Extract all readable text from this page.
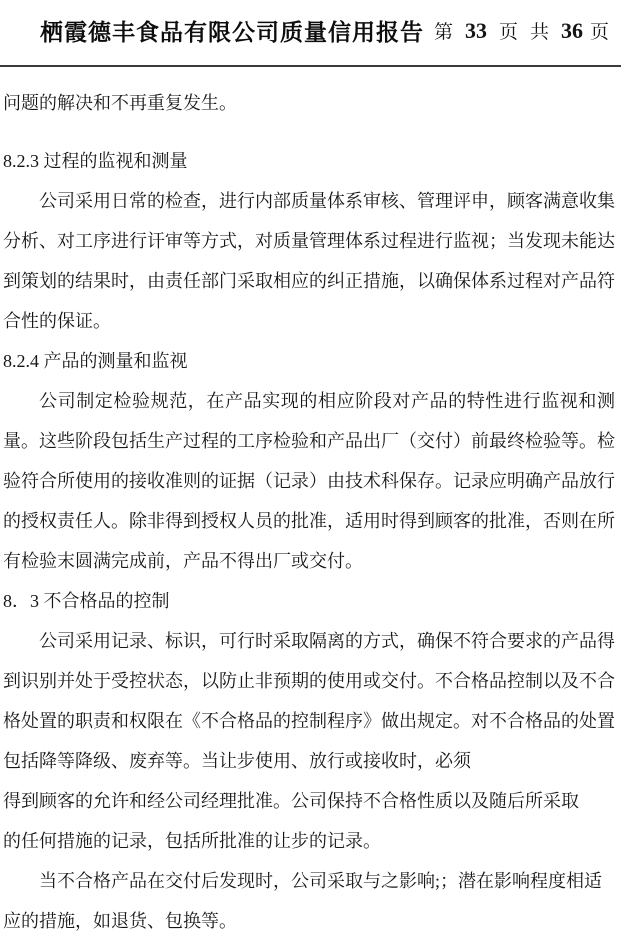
栖霞德丰食品有限公司质量信用报告 第 33 页 共 36 页
问题的解决和不再重复发生。
8.2.3 过程的监视和测量
公司采用日常的检查，进行内部质量体系审核、管理评申，顾客满意收集
分析、对工序进行讦审等方式，对质量管理体系过程进行监视；当发现未能达
到策划的结果时，由责任部门采取相应的纠正措施，以确保体系过程对产品符
合性的保证。
8.2.4 产品的测量和监视
公司制定检验规范，在产品实现的相应阶段对产品的特性进行监视和测
量。这些阶段包括生产过程的工序检验和产品出厂（交付）前最终检验等。检
验符合所使用的接收准则的证据（记录）由技术科保存。记录应明确产品放行
的授权责任人。除非得到授权人员的批准，适用时得到顾客的批准，否则在所
有检验末圆满完成前，产品不得出厂或交付。
8．3 不合格品的控制
公司采用记录、标识，可行时采取隔离的方式，确保不符合要求的产品得
到识别并处于受控状态，以防止非预期的使用或交付。不合格品控制以及不合
格处置的职责和权限在《不合格品的控制程序》做出规定。对不合格品的处置
包括降等降级、废弃等。当让步使用、放行或接收时，必须
得到顾客的允许和经公司经理批准。公司保持不合格性质以及随后所采取
的任何措施的记录，包括所批准的让步的记录。
当不合格产品在交付后发现时，公司采取与之影响;；潜在影响程度相适
应的措施，如退货、包换等。
